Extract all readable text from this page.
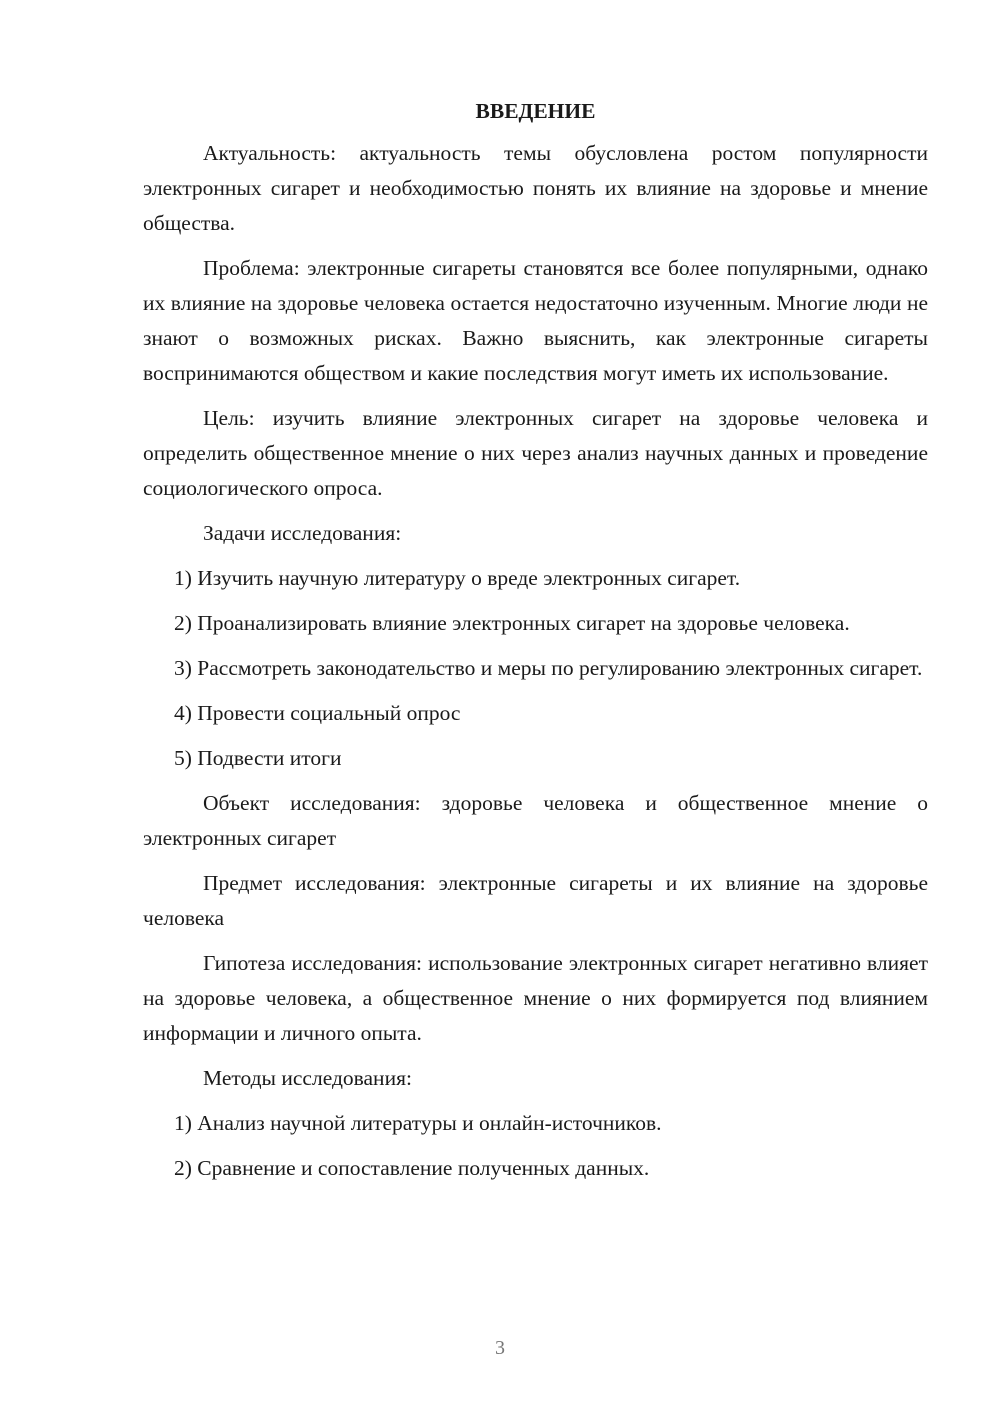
ВВЕДЕНИЕ

Актуальность: актуальность темы обусловлена ростом популярности электронных сигарет и необходимостью понять их влияние на здоровье и мнение общества.

Проблема: электронные сигареты становятся все более популярными, однако их влияние на здоровье человека остается недостаточно изученным. Многие люди не знают о возможных рисках. Важно выяснить, как электронные сигареты воспринимаются обществом и какие последствия могут иметь их использование.

Цель: изучить влияние электронных сигарет на здоровье человека и определить общественное мнение о них через анализ научных данных и проведение социологического опроса.

Задачи исследования:

1) Изучить научную литературу о вреде электронных сигарет.

2) Проанализировать влияние электронных сигарет на здоровье человека.

3) Рассмотреть законодательство и меры по регулированию электронных сигарет.

4) Провести социальный опрос

5) Подвести итоги

Объект исследования: здоровье человека и общественное мнение о электронных сигарет

Предмет исследования: электронные сигареты и их влияние на здоровье человека

Гипотеза исследования: использование электронных сигарет негативно влияет на здоровье человека, а общественное мнение о них формируется под влиянием информации и личного опыта.

Методы исследования:

1) Анализ научной литературы и онлайн-источников.

2) Сравнение и сопоставление полученных данных.

3
